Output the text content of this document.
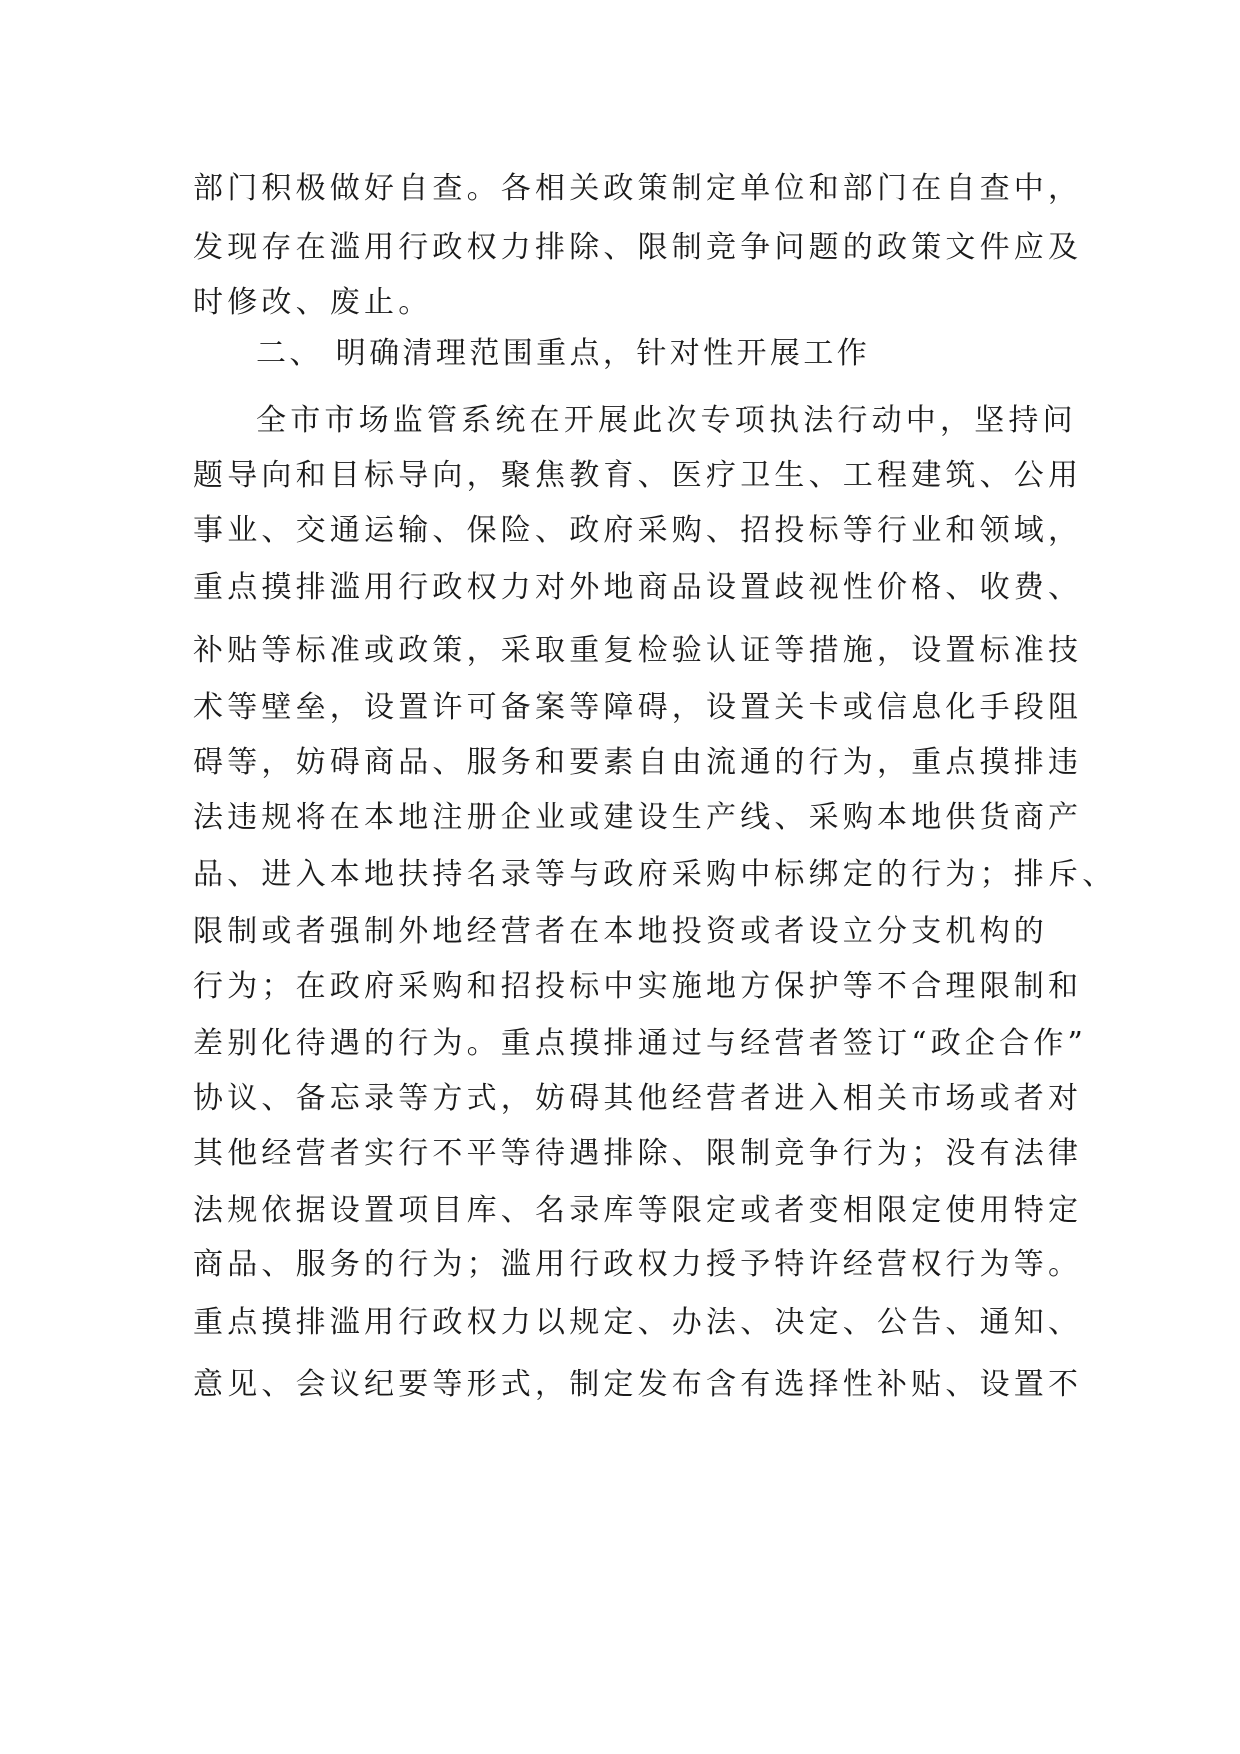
部门积极做好自查。各相关政策制定单位和部门在自查中，
发现存在滥用行政权力排除、限制竞争问题的政策文件应及
时修改、废止。
二、 明确清理范围重点，针对性开展工作
全市市场监管系统在开展此次专项执法行动中，坚持问
题导向和目标导向，聚焦教育、医疗卫生、工程建筑、公用
事业、交通运输、保险、政府采购、招投标等行业和领域，
重点摸排滥用行政权力对外地商品设置歧视性价格、收费、
补贴等标准或政策，采取重复检验认证等措施，设置标准技
术等壁垒，设置许可备案等障碍，设置关卡或信息化手段阻
碍等，妨碍商品、服务和要素自由流通的行为，重点摸排违
法违规将在本地注册企业或建设生产线、采购本地供货商产
品、进入本地扶持名录等与政府采购中标绑定的行为；排斥、
限制或者强制外地经营者在本地投资或者设立分支机构的
行为；在政府采购和招投标中实施地方保护等不合理限制和
差别化待遇的行为。重点摸排通过与经营者签订“政企合作”
协议、备忘录等方式，妨碍其他经营者进入相关市场或者对
其他经营者实行不平等待遇排除、限制竞争行为；没有法律
法规依据设置项目库、名录库等限定或者变相限定使用特定
商品、服务的行为；滥用行政权力授予特许经营权行为等。
重点摸排滥用行政权力以规定、办法、决定、公告、通知、
意见、会议纪要等形式，制定发布含有选择性补贴、设置不
